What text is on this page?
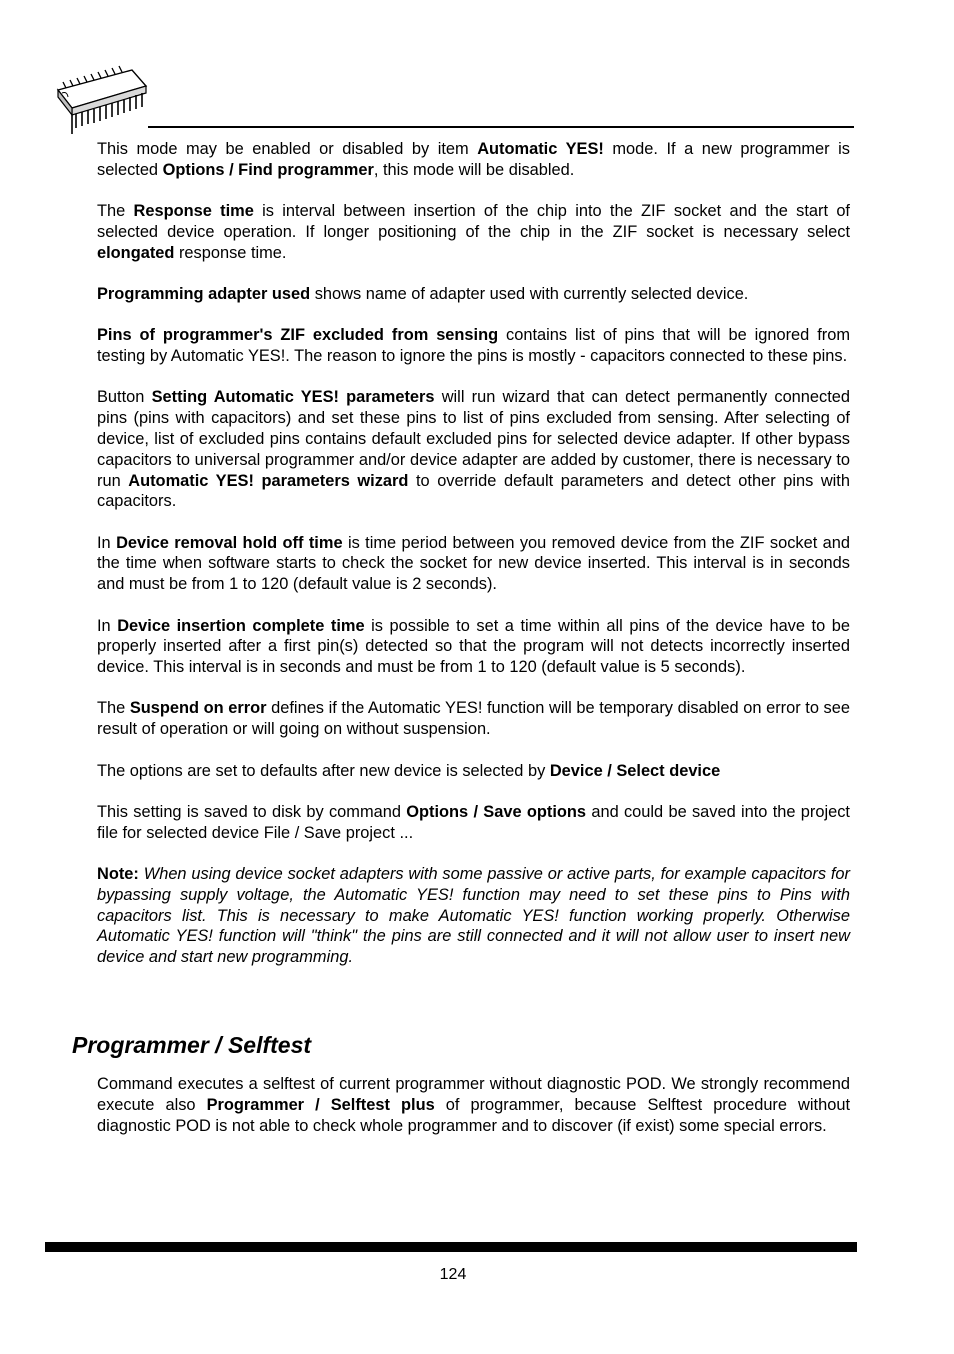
This mode may be enabled or disabled by item Automatic YES! mode. If a new programmer is selected Options / Find programmer, this mode will be disabled.

The Response time is interval between insertion of the chip into the ZIF socket and the start of selected device operation. If longer positioning of the chip in the ZIF socket is necessary select elongated response time.

Programming adapter used shows name of adapter used with currently selected device.

Pins of programmer's ZIF excluded from sensing contains list of pins that will be ignored from testing by Automatic YES!. The reason to ignore the pins is mostly - capacitors connected to these pins.

Button Setting Automatic YES! parameters will run wizard that can detect permanently connected pins (pins with capacitors) and set these pins to list of pins excluded from sensing. After selecting of device, list of excluded pins contains default excluded pins for selected device adapter. If other bypass capacitors to universal programmer and/or device adapter are added by customer, there is necessary to run Automatic YES! parameters wizard to override default parameters and detect other pins with capacitors.

In Device removal hold off time is time period between you removed device from the ZIF socket and the time when software starts to check the socket for new device inserted. This interval is in seconds and must be from 1 to 120 (default value is 2 seconds).

In Device insertion complete time is possible to set a time within all pins of the device have to be properly inserted after a first pin(s) detected so that the program will not detects incorrectly inserted device. This interval is in seconds and must be from 1 to 120 (default value is 5 seconds).

The Suspend on error defines if the Automatic YES! function will be temporary disabled on error to see result of operation or will going on without suspension.

The options are set to defaults after new device is selected by Device / Select device

This setting is saved to disk by command Options / Save options and could be saved into the project file for selected device File / Save project ...

Note: When using device socket adapters with some passive or active parts, for example capacitors for bypassing supply voltage, the Automatic YES! function may need to set these pins to Pins with capacitors list. This is necessary to make Automatic YES! function working properly. Otherwise Automatic YES! function will "think" the pins are still connected and it will not allow user to insert new device and start new programming.

Programmer / Selftest

Command executes a selftest of current programmer without diagnostic POD. We strongly recommend execute also Programmer / Selftest plus of programmer, because Selftest procedure without diagnostic POD is not able to check whole programmer and to discover (if exist) some special errors.

124
